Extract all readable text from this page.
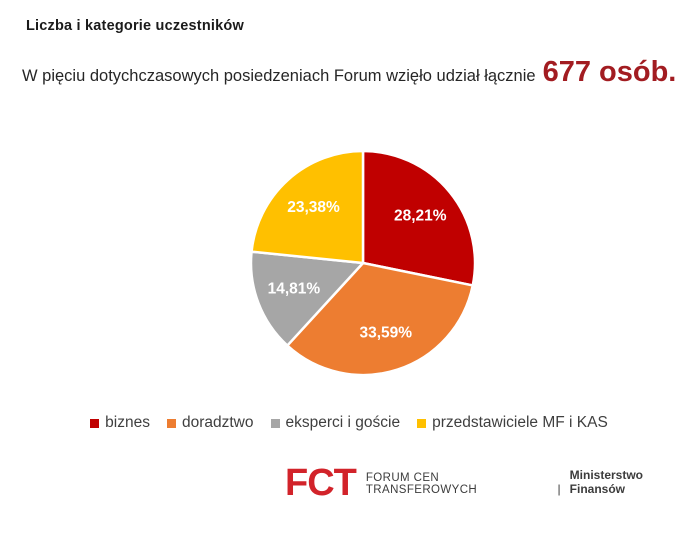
Liczba i kategorie uczestników
W pięciu dotychczasowych posiedzeniach Forum wzięło udział łącznie 677 osób.
28,21%
33,59%
14,81%
23,38%
biznes doradztwo eksperci i goście przedstawiciele MF i KAS
FCT FORUM CEN TRANSFEROWYCH	|
Ministerstwo Finansów
